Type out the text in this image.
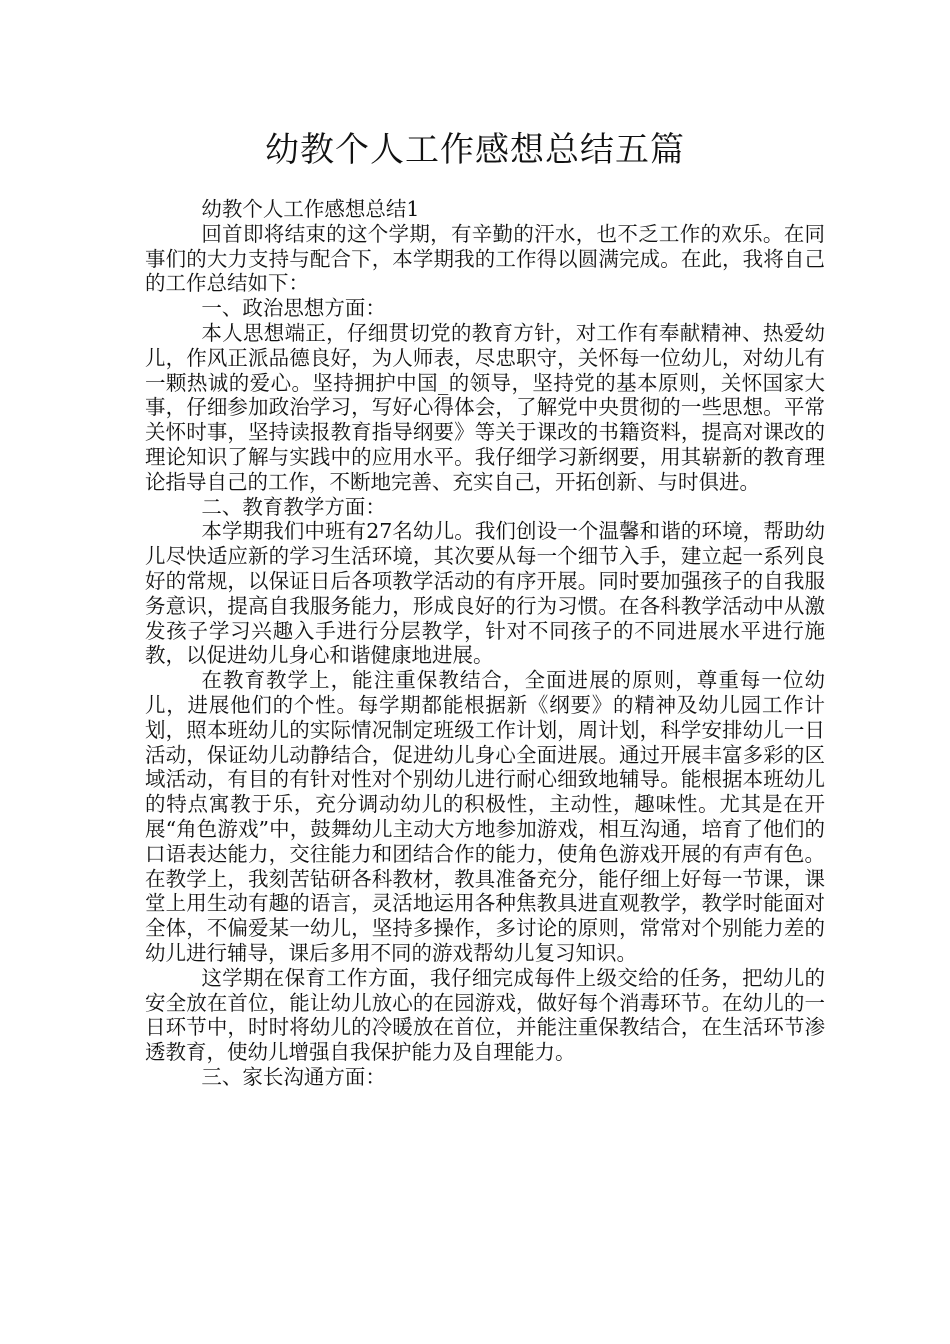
幼教个人工作感想总结五篇

幼教个人工作感想总结1

回首即将结束的这个学期，有辛勤的汗水，也不乏工作的欢乐。在同事们的大力支持与配合下，本学期我的工作得以圆满完成。在此，我将自己的工作总结如下：

一、政治思想方面：

本人思想端正，仔细贯切党的教育方针，对工作有奉献精神、热爱幼儿，作风正派品德良好，为人师表，尽忠职守，关怀每一位幼儿，对幼儿有一颗热诚的爱心。坚持拥护中国_的领导，坚持党的基本原则，关怀国家大事，仔细参加政治学习，写好心得体会，了解党中央贯彻的一些思想。平常关怀时事，坚持读报教育指导纲要》等关于课改的书籍资料，提高对课改的理论知识了解与实践中的应用水平。我仔细学习新纲要，用其崭新的教育理论指导自己的工作，不断地完善、充实自己，开拓创新、与时俱进。

二、教育教学方面：

本学期我们中班有27名幼儿。我们创设一个温馨和谐的环境，帮助幼儿尽快适应新的学习生活环境，其次要从每一个细节入手，建立起一系列良好的常规，以保证日后各项教学活动的有序开展。同时要加强孩子的自我服务意识，提高自我服务能力，形成良好的行为习惯。在各科教学活动中从激发孩子学习兴趣入手进行分层教学，针对不同孩子的不同进展水平进行施教，以促进幼儿身心和谐健康地进展。

在教育教学上，能注重保教结合，全面进展的原则，尊重每一位幼儿，进展他们的个性。每学期都能根据新《纲要》的精神及幼儿园工作计划，照本班幼儿的实际情况制定班级工作计划，周计划，科学安排幼儿一日活动，保证幼儿动静结合，促进幼儿身心全面进展。通过开展丰富多彩的区域活动，有目的有针对性对个别幼儿进行耐心细致地辅导。能根据本班幼儿的特点寓教于乐，充分调动幼儿的积极性，主动性，趣味性。尤其是在开展“角色游戏”中，鼓舞幼儿主动大方地参加游戏，相互沟通，培育了他们的口语表达能力，交往能力和团结合作的能力，使角色游戏开展的有声有色。在教学上，我刻苦钻研各科教材，教具准备充分，能仔细上好每一节课，课堂上用生动有趣的语言，灵活地运用各种焦教具进直观教学，教学时能面对全体，不偏爱某一幼儿，坚持多操作，多讨论的原则，常常对个别能力差的幼儿进行辅导，课后多用不同的游戏帮幼儿复习知识。

这学期在保育工作方面，我仔细完成每件上级交给的任务，把幼儿的安全放在首位，能让幼儿放心的在园游戏，做好每个消毒环节。在幼儿的一日环节中，时时将幼儿的冷暖放在首位，并能注重保教结合，在生活环节渗透教育，使幼儿增强自我保护能力及自理能力。

三、家长沟通方面：
